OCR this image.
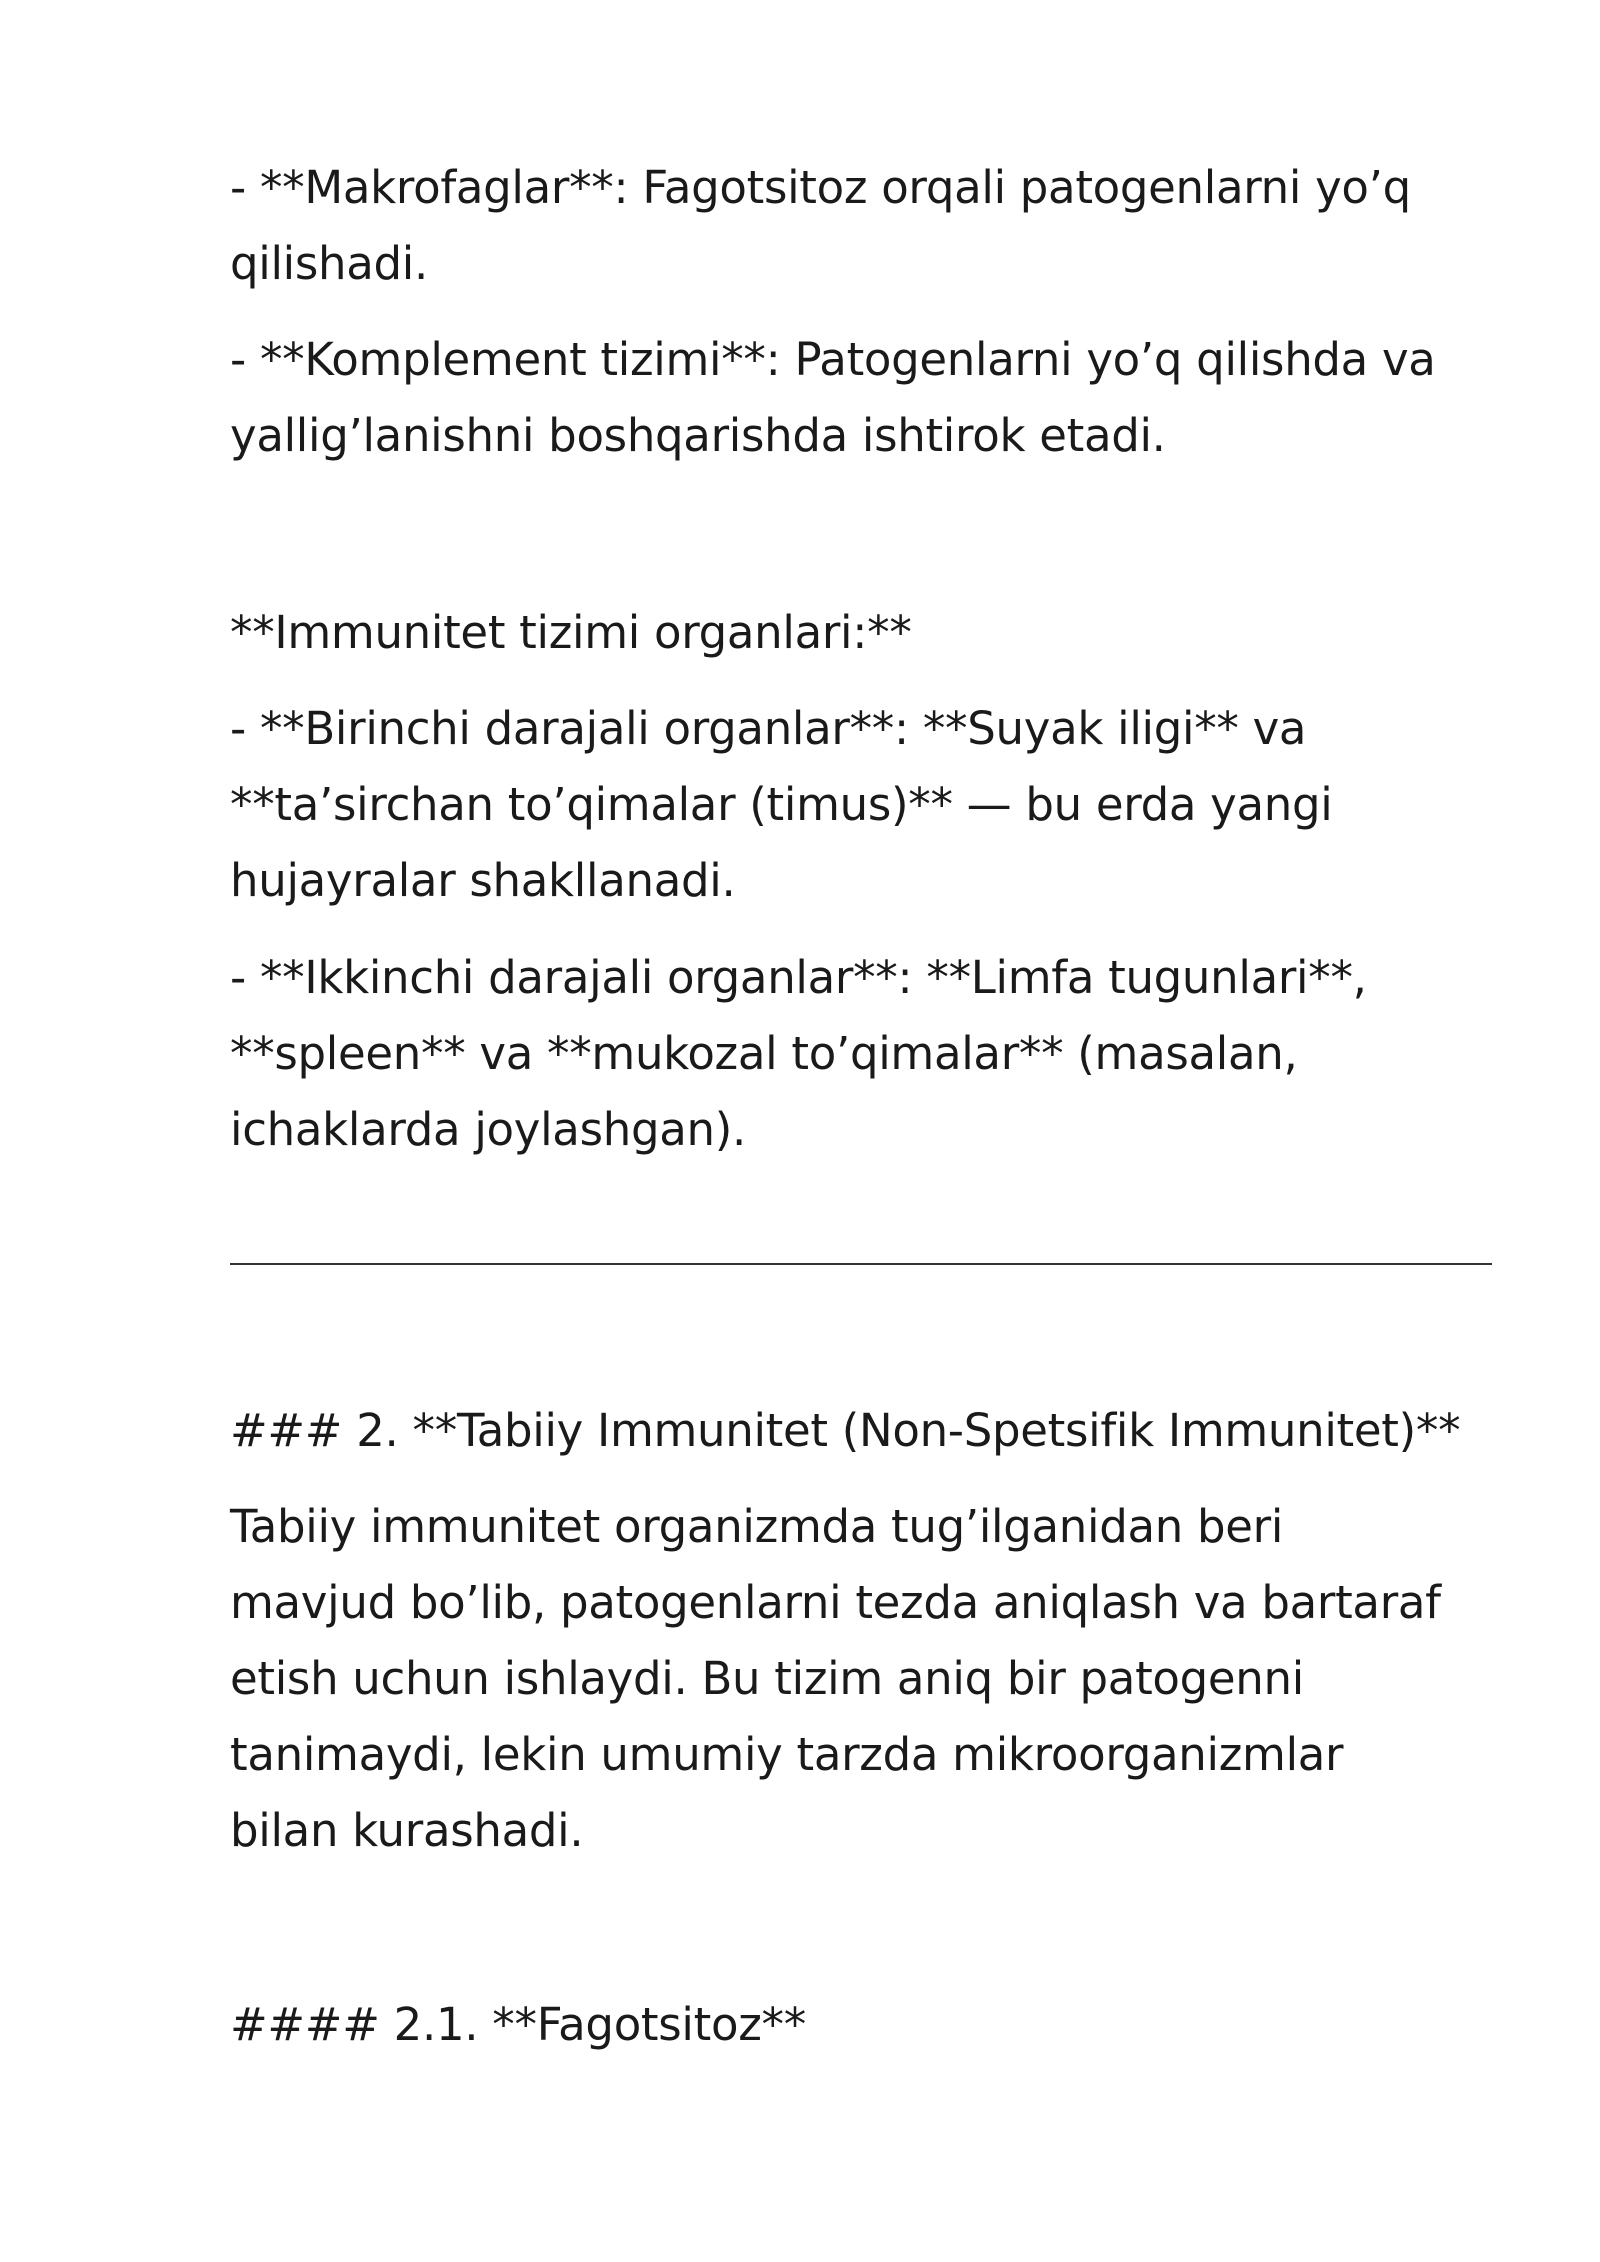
- **Makrofaglar**: Fagotsitoz orqali patogenlarni yo’q

qilishadi.

- **Komplement tizimi**: Patogenlarni yo’q qilishda va

yallig’lanishni boshqarishda ishtirok etadi.

**Immunitet tizimi organlari:**

- **Birinchi darajali organlar**: **Suyak iligi** va

**ta’sirchan to’qimalar (timus)** — bu erda yangi

hujayralar shakllanadi.

- **Ikkinchi darajali organlar**: **Limfa tugunlari**,

**spleen** va **mukozal to’qimalar** (masalan,

ichaklarda joylashgan).

### 2. **Tabiiy Immunitet (Non-Spetsifik Immunitet)**

Tabiiy immunitet organizmda tug’ilganidan beri

mavjud bo’lib, patogenlarni tezda aniqlash va bartaraf

etish uchun ishlaydi. Bu tizim aniq bir patogenni

tanimaydi, lekin umumiy tarzda mikroorganizmlar

bilan kurashadi.

#### 2.1. **Fagotsitoz**
